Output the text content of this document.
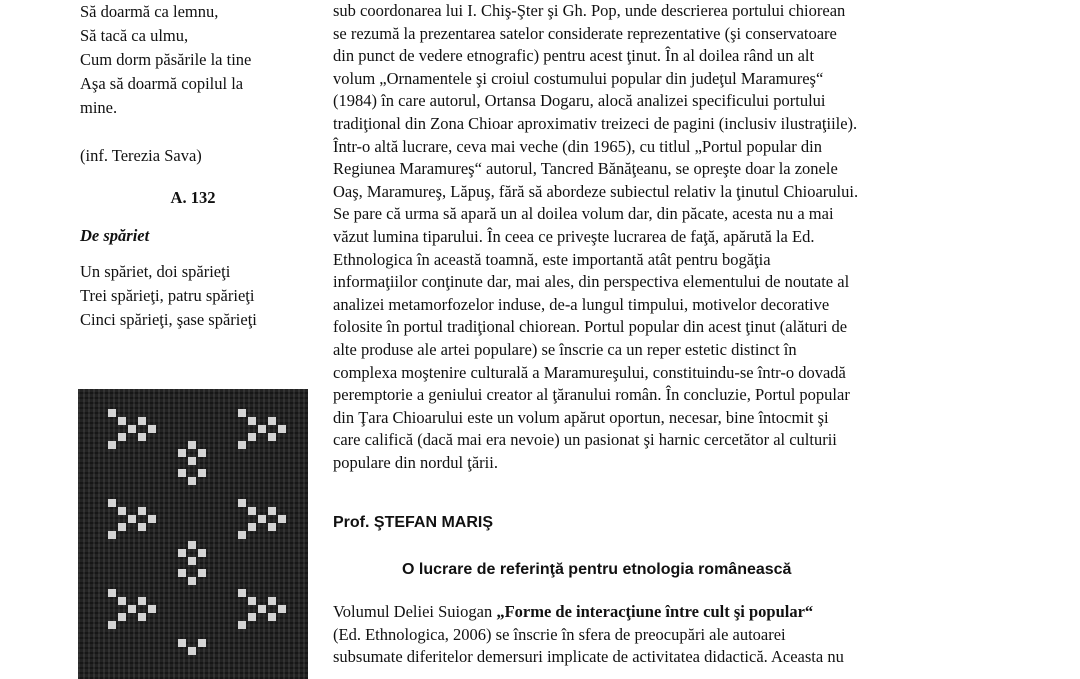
Să doarmă ca lemnu,
Să tacă ca ulmu,
Cum dorm păsările la tine
Aşa să doarmă copilul la
mine.
(inf. Terezia Sava)
A. 132
De spăriet
Un spăriet, doi spărieţi
Trei spărieţi, patru spărieţi
Cinci spărieţi, şase spărieţi
sub coordonarea lui I. Chiş-Şter şi Gh. Pop, unde descrierea portului chiorean
se rezumă la prezentarea satelor considerate reprezentative (şi conservatoare
din punct de vedere etnografic) pentru acest ţinut. În al doilea rând un alt
volum „Ornamentele şi croiul costumului popular din judeţul Maramureş“
(1984) în care autorul, Ortansa Dogaru, alocă analizei specificului portului
tradiţional din Zona Chioar aproximativ treizeci de pagini (inclusiv ilustraţiile).
Într-o altă lucrare, ceva mai veche (din 1965), cu titlul „Portul popular din
Regiunea Maramureş“ autorul, Tancred Bănăţeanu, se opreşte doar la zonele
Oaş, Maramureş, Lăpuş, fără să abordeze subiectul relativ la ţinutul Chioarului.
Se pare că urma să apară un al doilea volum dar, din păcate, acesta nu a mai
văzut lumina tiparului. În ceea ce priveşte lucrarea de faţă, apărută la Ed.
Ethnologica în această toamnă, este importantă atât pentru bogăţia
informaţiilor conţinute dar, mai ales, din perspectiva elementului de noutate al
analizei metamorfozelor induse, de-a lungul timpului, motivelor decorative
folosite în portul tradiţional chiorean. Portul popular din acest ţinut (alături de
alte produse ale artei populare) se înscrie ca un reper estetic distinct în
complexa moştenire culturală a Maramureşului, constituindu-se într-o dovadă
peremptorie a geniului creator al ţăranului român. În concluzie, Portul popular
din Ţara Chioarului este un volum apărut oportun, necesar, bine întocmit şi
care califică (dacă mai era nevoie) un pasionat şi harnic cercetător al culturii
populare din nordul ţării.
Prof. ŞTEFAN MARIŞ
O lucrare de referinţă pentru etnologia românească
Volumul Deliei Suiogan „Forme de interacţiune între cult şi popular“
(Ed. Ethnologica, 2006) se înscrie în sfera de preocupări ale autoarei
subsumate diferitelor demersuri implicate de activitatea didactică. Aceasta nu
